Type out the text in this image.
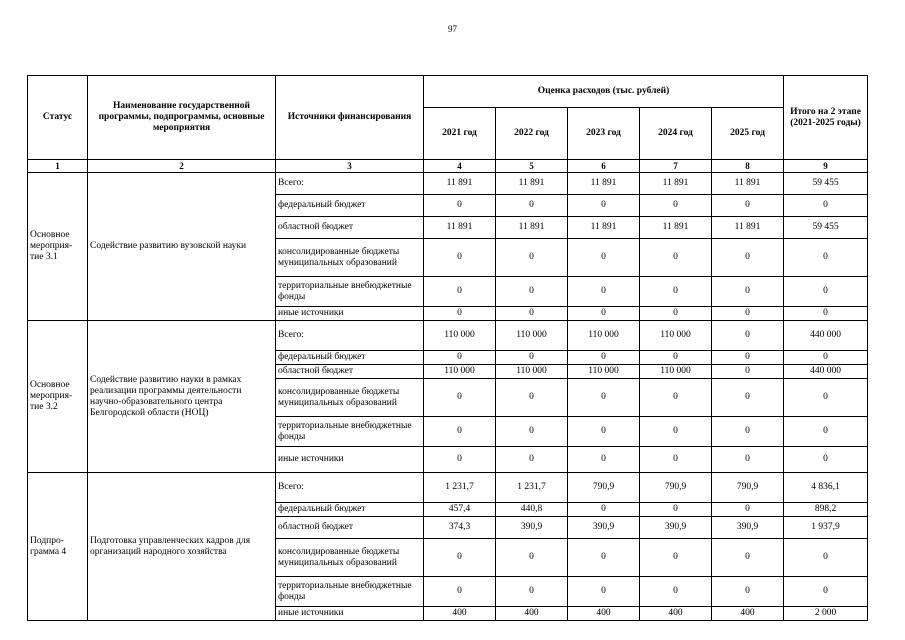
97
Статус	Наименование государственной программы, подпрограммы, основные мероприятия	Источники финансирования	Оценка расходов (тыс. рублей)					Итого на 2 этапе (2021-2025 годы)
			2021 год	2022 год	2023 год	2024 год	2025 год	
1	2	3	4	5	6	7	8	9
Основное мероприя-тие 3.1	Содействие развитию вузовской науки	Всего:	11 891	11 891	11 891	11 891	11 891	59 455
		федеральный бюджет	0	0	0	0	0	0
		областной бюджет	11 891	11 891	11 891	11 891	11 891	59 455
		консолидированные бюджеты муниципальных образований	0	0	0	0	0	0
		территориальные внебюджетные фонды	0	0	0	0	0	0
		иные источники	0	0	0	0	0	0
Основное мероприя-тие 3.2	Содействие развитию науки в рамках реализации программы деятельности научно-образовательного центра Белгородской области (НОЦ)	Всего:	110 000	110 000	110 000	110 000	0	440 000
		федеральный бюджет	0	0	0	0	0	0
		областной бюджет	110 000	110 000	110 000	110 000	0	440 000
		консолидированные бюджеты муниципальных образований	0	0	0	0	0	0
		территориальные внебюджетные фонды	0	0	0	0	0	0
		иные источники	0	0	0	0	0	0
Подпро-грамма 4	Подготовка управленческих кадров для организаций народного хозяйства	Всего:	1 231,7	1 231,7	790,9	790,9	790,9	4 836,1
		федеральный бюджет	457,4	440,8	0	0	0	898,2
		областной бюджет	374,3	390,9	390,9	390,9	390,9	1 937,9
		консолидированные бюджеты муниципальных образований	0	0	0	0	0	0
		территориальные внебюджетные фонды	0	0	0	0	0	0
		иные источники	400	400	400	400	400	2 000
